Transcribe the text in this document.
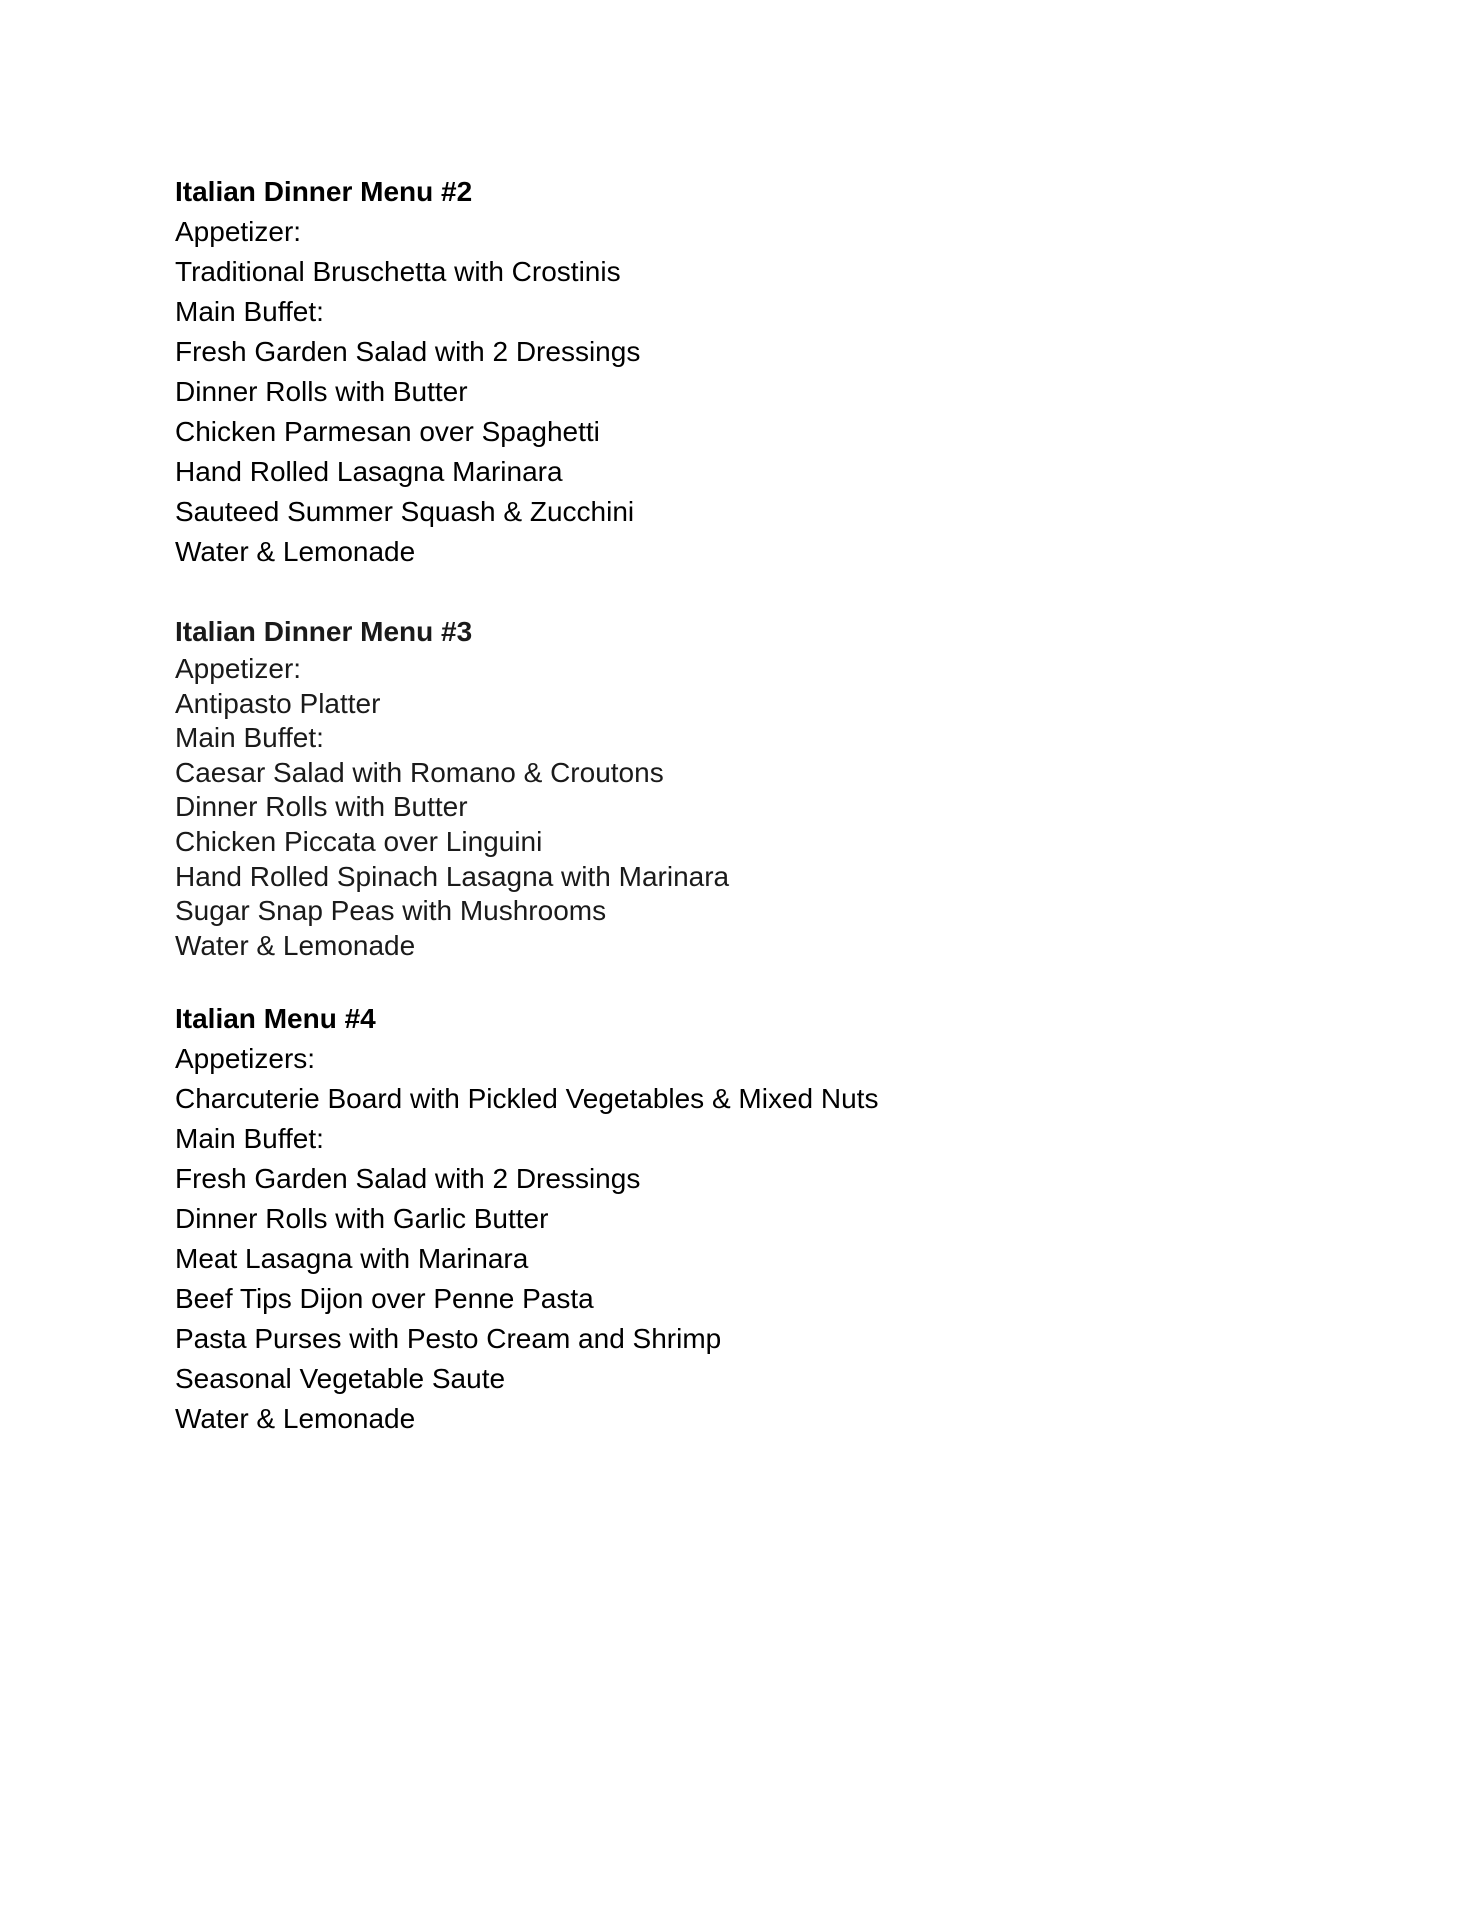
Italian Dinner Menu #2

Appetizer:

Traditional Bruschetta with Crostinis

Main Buffet:

Fresh Garden Salad with 2 Dressings

Dinner Rolls with Butter

Chicken Parmesan over Spaghetti

Hand Rolled Lasagna Marinara

Sauteed Summer Squash & Zucchini

Water & Lemonade

Italian Dinner Menu #3

Appetizer:

Antipasto Platter

Main Buffet:

Caesar Salad with Romano & Croutons

Dinner Rolls with Butter

Chicken Piccata over Linguini

Hand Rolled Spinach Lasagna with Marinara

Sugar Snap Peas with Mushrooms

Water & Lemonade

Italian Menu #4

Appetizers:

Charcuterie Board with Pickled Vegetables & Mixed Nuts

Main Buffet:

Fresh Garden Salad with 2 Dressings

Dinner Rolls with Garlic Butter

Meat Lasagna with Marinara

Beef Tips Dijon over Penne Pasta

Pasta Purses with Pesto Cream and Shrimp

Seasonal Vegetable Saute

Water & Lemonade
